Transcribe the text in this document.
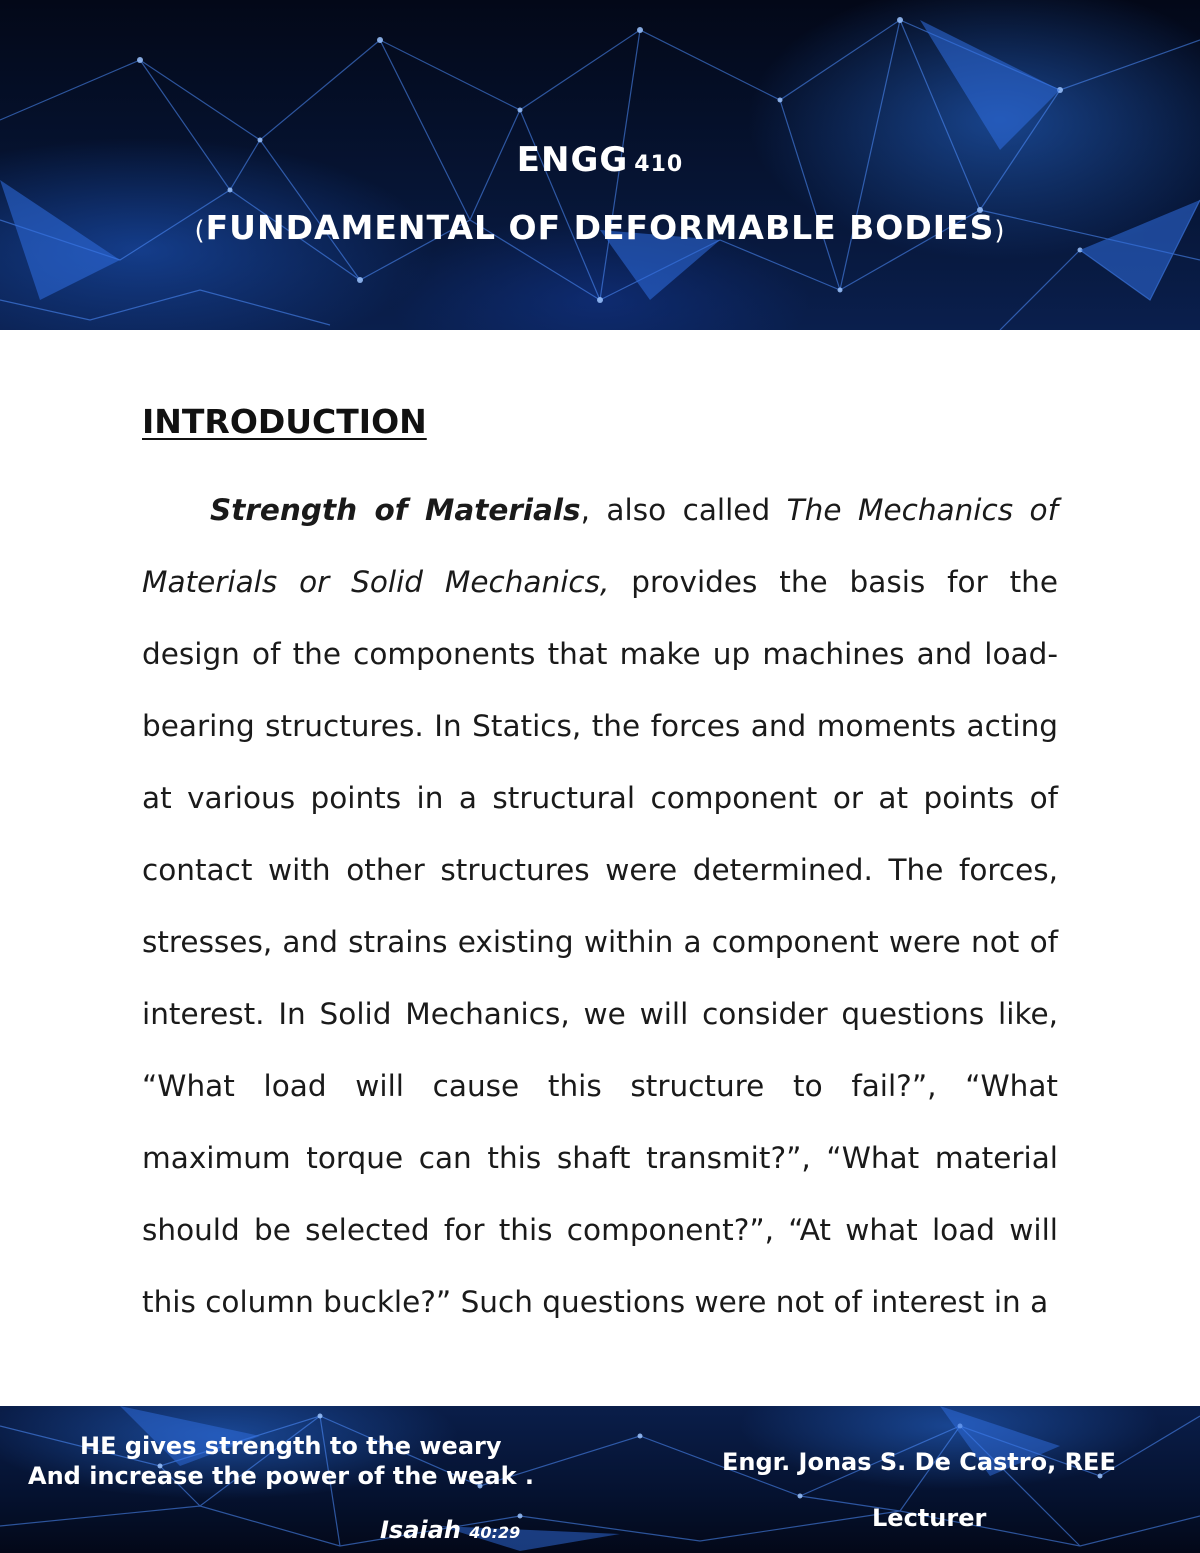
ENGG 410
(FUNDAMENTAL OF DEFORMABLE BODIES)
INTRODUCTION

Strength of Materials, also called The Mechanics of Materials or Solid Mechanics, provides the basis for the design of the components that make up machines and load-bearing structures. In Statics, the forces and moments acting at various points in a structural component or at points of contact with other structures were determined. The forces, stresses, and strains existing within a component were not of interest. In Solid Mechanics, we will consider questions like, “What load will cause this structure to fail?”, “What maximum torque can this shaft transmit?”, “What material should be selected for this component?”, “At what load will this column buckle?” Such questions were not of interest in a

HE gives strength to the weary
And increase the power of the weak .
Isaiah 40:29
Engr. Jonas S. De Castro, REE
Lecturer
